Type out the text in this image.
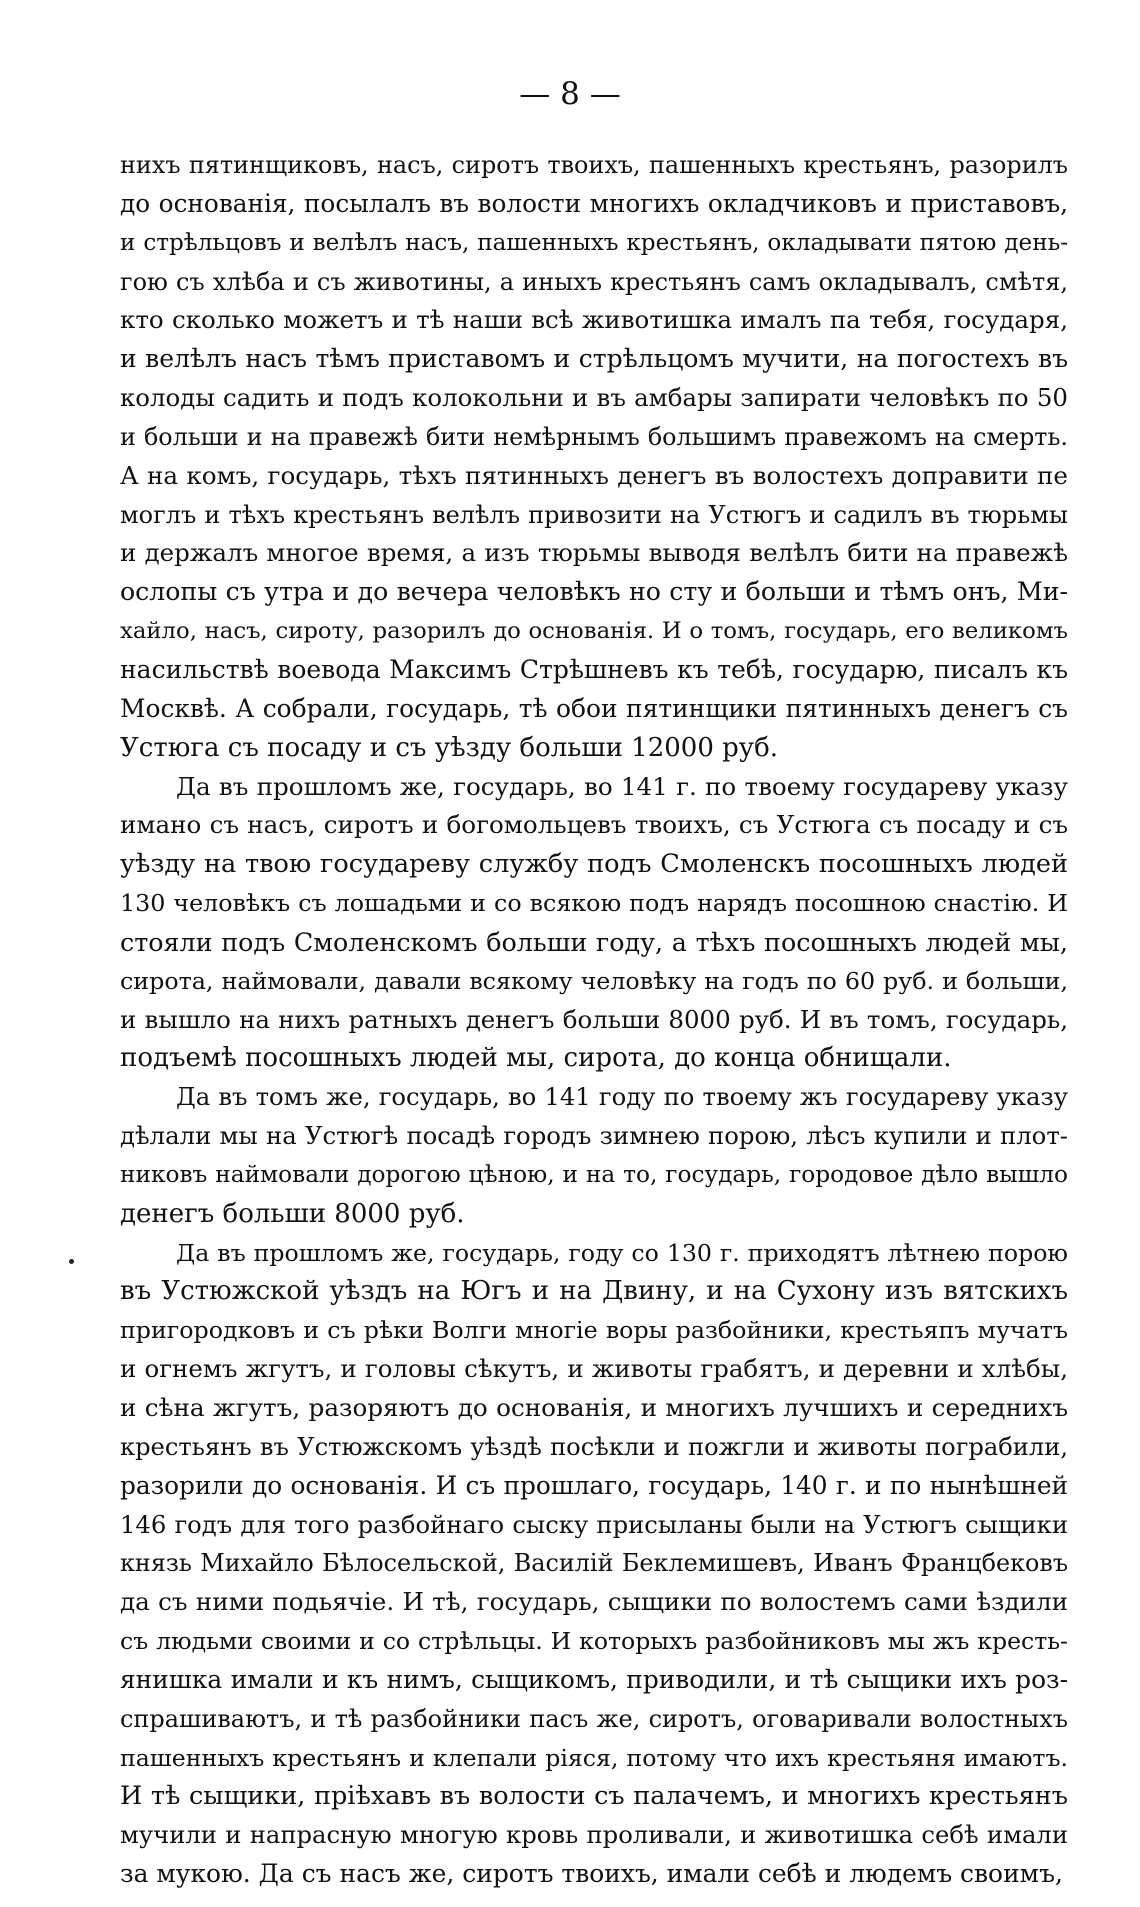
— 8 —
нихъ пятинщиковъ, насъ, сиротъ твоихъ, пашенныхъ крестьянъ, разорилъ
до основанія, посылалъ въ волости многихъ окладчиковъ и приставовъ,
и стрѣльцовъ и велѣлъ насъ, пашенныхъ крестьянъ, окладывати пятою день-
гою съ хлѣба и съ животины, а иныхъ крестьянъ самъ окладывалъ, смѣтя,
кто сколько можетъ и тѣ наши всѣ животишка ималъ па тебя, государя,
и велѣлъ насъ тѣмъ приставомъ и стрѣльцомъ мучити, на погостехъ въ
колоды садить и подъ колокольни и въ амбары запирати человѣкъ по 50
и больши и на правежѣ бити немѣрнымъ большимъ правежомъ на смерть.
А на комъ, государь, тѣхъ пятинныхъ денегъ въ волостехъ доправити пе
моглъ и тѣхъ крестьянъ велѣлъ привозити на Устюгъ и садилъ въ тюрьмы
и держалъ многое время, а изъ тюрьмы выводя велѣлъ бити на правежѣ
ослопы съ утра и до вечера человѣкъ но сту и больши и тѣмъ онъ, Ми-
хайло, насъ, сироту, разорилъ до основанія. И о томъ, государь, его великомъ
насильствѣ воевода Максимъ Стрѣшневъ къ тебѣ, государю, писалъ къ
Москвѣ. А собрали, государь, тѣ обои пятинщики пятинныхъ денегъ съ
Устюга съ посаду и съ уѣзду больши 12000 руб.
Да въ прошломъ же, государь, во 141 г. по твоему государеву указу
имано съ насъ, сиротъ и богомольцевъ твоихъ, съ Устюга съ посаду и съ
уѣзду на твою государеву службу подъ Смоленскъ посошныхъ людей
130 человѣкъ съ лошадьми и со всякою подъ нарядъ посошною снастію. И
стояли подъ Смоленскомъ больши году, а тѣхъ посошныхъ людей мы,
сирота, наймовали, давали всякому человѣку на годъ по 60 руб. и больши,
и вышло на нихъ ратныхъ денегъ больши 8000 руб. И въ томъ, государь,
подъемѣ посошныхъ людей мы, сирота, до конца обнищали.
Да въ томъ же, государь, во 141 году по твоему жъ государеву указу
дѣлали мы на Устюгѣ посадѣ городъ зимнею порою, лѣсъ купили и плот-
никовъ наймовали дорогою цѣною, и на то, государь, городовое дѣло вышло
денегъ больши 8000 руб.
Да въ прошломъ же, государь, году со 130 г. приходятъ лѣтнею порою
въ Устюжской уѣздъ на Югъ и на Двину, и на Сухону изъ вятскихъ
пригородковъ и съ рѣки Волги многіе воры разбойники, крестьяпъ мучатъ
и огнемъ жгутъ, и головы сѣкутъ, и животы грабятъ, и деревни и хлѣбы,
и сѣна жгутъ, разоряютъ до основанія, и многихъ лучшихъ и середнихъ
крестьянъ въ Устюжскомъ уѣздѣ посѣкли и пожгли и животы пограбили,
разорили до основанія. И съ прошлаго, государь, 140 г. и по нынѣшней
146 годъ для того разбойнаго сыску присыланы были на Устюгъ сыщики
князь Михайло Бѣлосельской, Василій Беклемишевъ, Иванъ Францбековъ
да съ ними подьячіе. И тѣ, государь, сыщики по волостемъ сами ѣздили
съ людьми своими и со стрѣльцы. И которыхъ разбойниковъ мы жъ кресть-
янишка имали и къ нимъ, сыщикомъ, приводили, и тѣ сыщики ихъ роз-
спрашиваютъ, и тѣ разбойники пасъ же, сиротъ, оговаривали волостныхъ
пашенныхъ крестьянъ и клепали ріяся, потому что ихъ крестьяня имаютъ.
И тѣ сыщики, пріѣхавъ въ волости съ палачемъ, и многихъ крестьянъ
мучили и напрасную многую кровь проливали, и животишка себѣ имали
за мукою. Да съ насъ же, сиротъ твоихъ, имали себѣ и людемъ своимъ,
